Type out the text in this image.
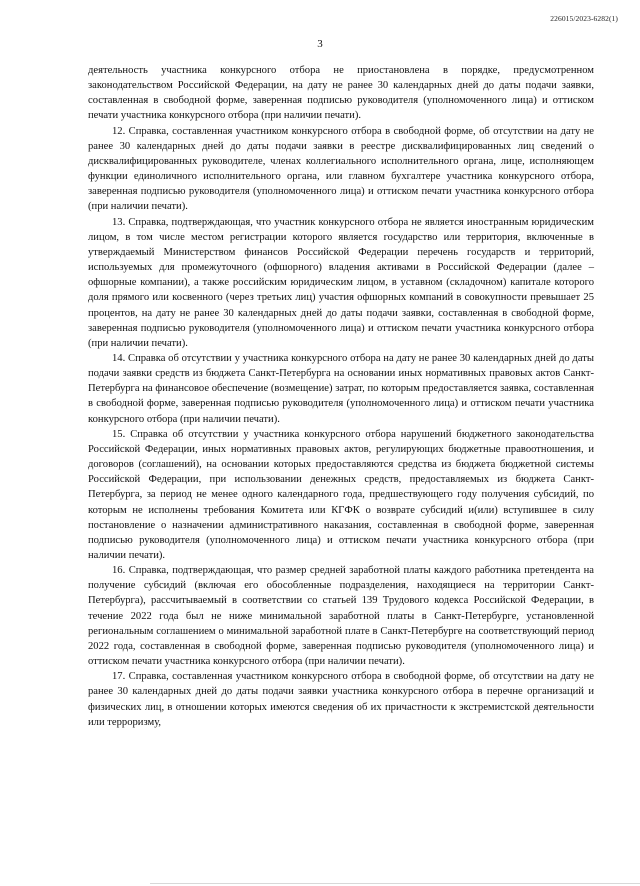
226015/2023-6282(1)
3

деятельность участника конкурсного отбора не приостановлена в порядке, предусмотренном законодательством Российской Федерации, на дату не ранее 30 календарных дней до даты подачи заявки, составленная в свободной форме, заверенная подписью руководителя (уполномоченного лица) и оттиском печати участника конкурсного отбора (при наличии печати).

12. Справка, составленная участником конкурсного отбора в свободной форме, об отсутствии на дату не ранее 30 календарных дней до даты подачи заявки в реестре дисквалифицированных лиц сведений о дисквалифицированных руководителе, членах коллегиального исполнительного органа, лице, исполняющем функции единоличного исполнительного органа, или главном бухгалтере участника конкурсного отбора, заверенная подписью руководителя (уполномоченного лица) и оттиском печати участника конкурсного отбора (при наличии печати).

13. Справка, подтверждающая, что участник конкурсного отбора не является иностранным юридическим лицом, в том числе местом регистрации которого является государство или территория, включенные в утверждаемый Министерством финансов Российской Федерации перечень государств и территорий, используемых для промежуточного (офшорного) владения активами в Российской Федерации (далее – офшорные компании), а также российским юридическим лицом, в уставном (складочном) капитале которого доля прямого или косвенного (через третьих лиц) участия офшорных компаний в совокупности превышает 25 процентов, на дату не ранее 30 календарных дней до даты подачи заявки, составленная в свободной форме, заверенная подписью руководителя (уполномоченного лица) и оттиском печати участника конкурсного отбора (при наличии печати).

14. Справка об отсутствии у участника конкурсного отбора на дату не ранее 30 календарных дней до даты подачи заявки средств из бюджета Санкт-Петербурга на основании иных нормативных правовых актов Санкт-Петербурга на финансовое обеспечение (возмещение) затрат, по которым предоставляется заявка, составленная в свободной форме, заверенная подписью руководителя (уполномоченного лица) и оттиском печати участника конкурсного отбора (при наличии печати).

15. Справка об отсутствии у участника конкурсного отбора нарушений бюджетного законодательства Российской Федерации, иных нормативных правовых актов, регулирующих бюджетные правоотношения, и договоров (соглашений), на основании которых предоставляются средства из бюджета бюджетной системы Российской Федерации, при использовании денежных средств, предоставляемых из бюджета Санкт-Петербурга, за период не менее одного календарного года, предшествующего году получения субсидий, по которым не исполнены требования Комитета или КГФК о возврате субсидий и(или) вступившее в силу постановление о назначении административного наказания, составленная в свободной форме, заверенная подписью руководителя (уполномоченного лица) и оттиском печати участника конкурсного отбора (при наличии печати).

16. Справка, подтверждающая, что размер средней заработной платы каждого работника претендента на получение субсидий (включая его обособленные подразделения, находящиеся на территории Санкт-Петербурга), рассчитываемый в соответствии со статьей 139 Трудового кодекса Российской Федерации, в течение 2022 года был не ниже минимальной заработной платы в Санкт-Петербурге, установленной региональным соглашением о минимальной заработной плате в Санкт-Петербурге на соответствующий период 2022 года, составленная в свободной форме, заверенная подписью руководителя (уполномоченного лица) и оттиском печати участника конкурсного отбора (при наличии печати).

17. Справка, составленная участником конкурсного отбора в свободной форме, об отсутствии на дату не ранее 30 календарных дней до даты подачи заявки участника конкурсного отбора в перечне организаций и физических лиц, в отношении которых имеются сведения об их причастности к экстремистской деятельности или терроризму,
